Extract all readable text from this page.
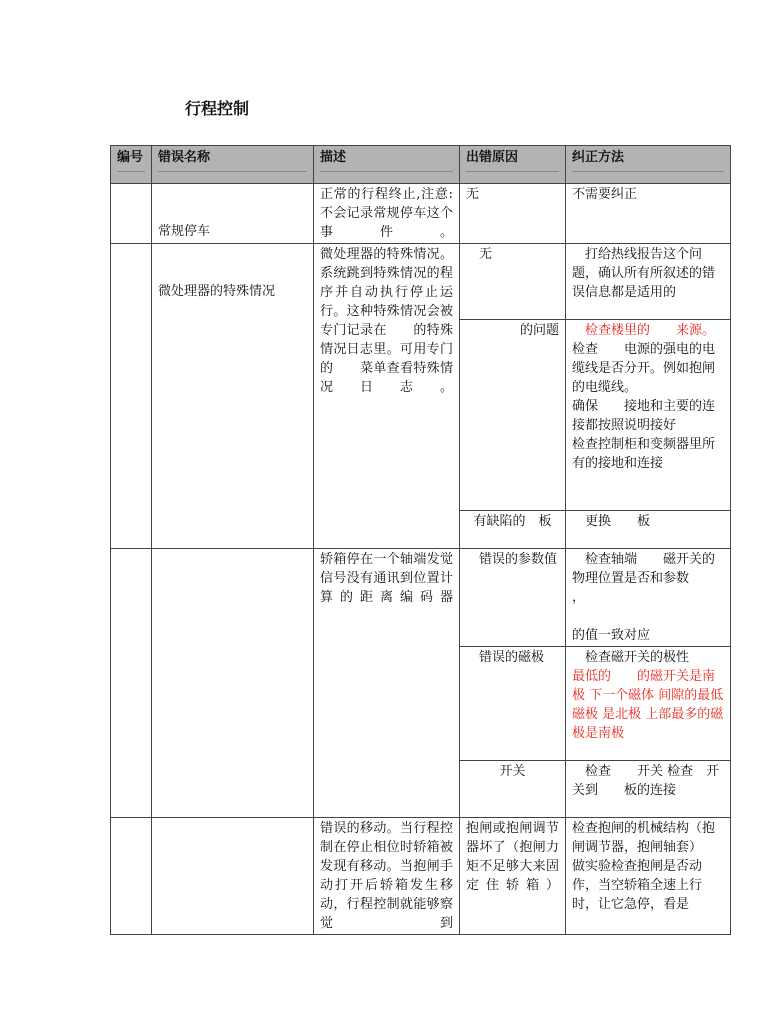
行程控制
编号	错误名称	描述	出错原因	纠正方法

	常规停车	正常的行程终止,注意:　不会记录常规停车这个事件。	无	不需要纠正
	微处理器的特殊情况	微处理器的特殊情况。系统跳到特殊情况的程序并自动执行停止运行。这种特殊情况会被专门记录在　　的特殊情况日志里。可用专门的　　菜单查看特殊情况日志。	无	打给热线报告这个问题，确认所有所叙述的错误信息都是适用的
			的问题	检查楼里的　　来源。
检查　　电源的强电的电缆线是否分开。例如抱闸的电缆线。
确保　　接地和主要的连接都按照说明接好
检查控制柜和变频器里所有的接地和连接

			有缺陷的　板	更换　　板
		轿箱停在一个轴端发觉　　信号没有通讯到位置计算的距离编码器	错误的参数值	检查轴端　　磁开关的物理位置是否和参数　　　，
的值一致对应

			错误的磁极	检查磁开关的极性
最低的　　的磁开关是南极 下一个磁体 间隙的最低磁极 是北极 上部最多的磁极是南极

			开关	检查　　开关 检查　开关到　　板的连接
		错误的移动。当行程控制在停止相位时轿箱被发现有移动。当抱闸手动打开后轿箱发生移动，行程控制就能够察觉到	抱闸或抱闸调节器坏了（抱闸力矩不足够大来固定住轿箱）	检查抱闸的机械结构（抱闸调节器，抱闸轴套）
做实验检查抱闸是否动作，当空轿箱全速上行时，让它急停，看是
